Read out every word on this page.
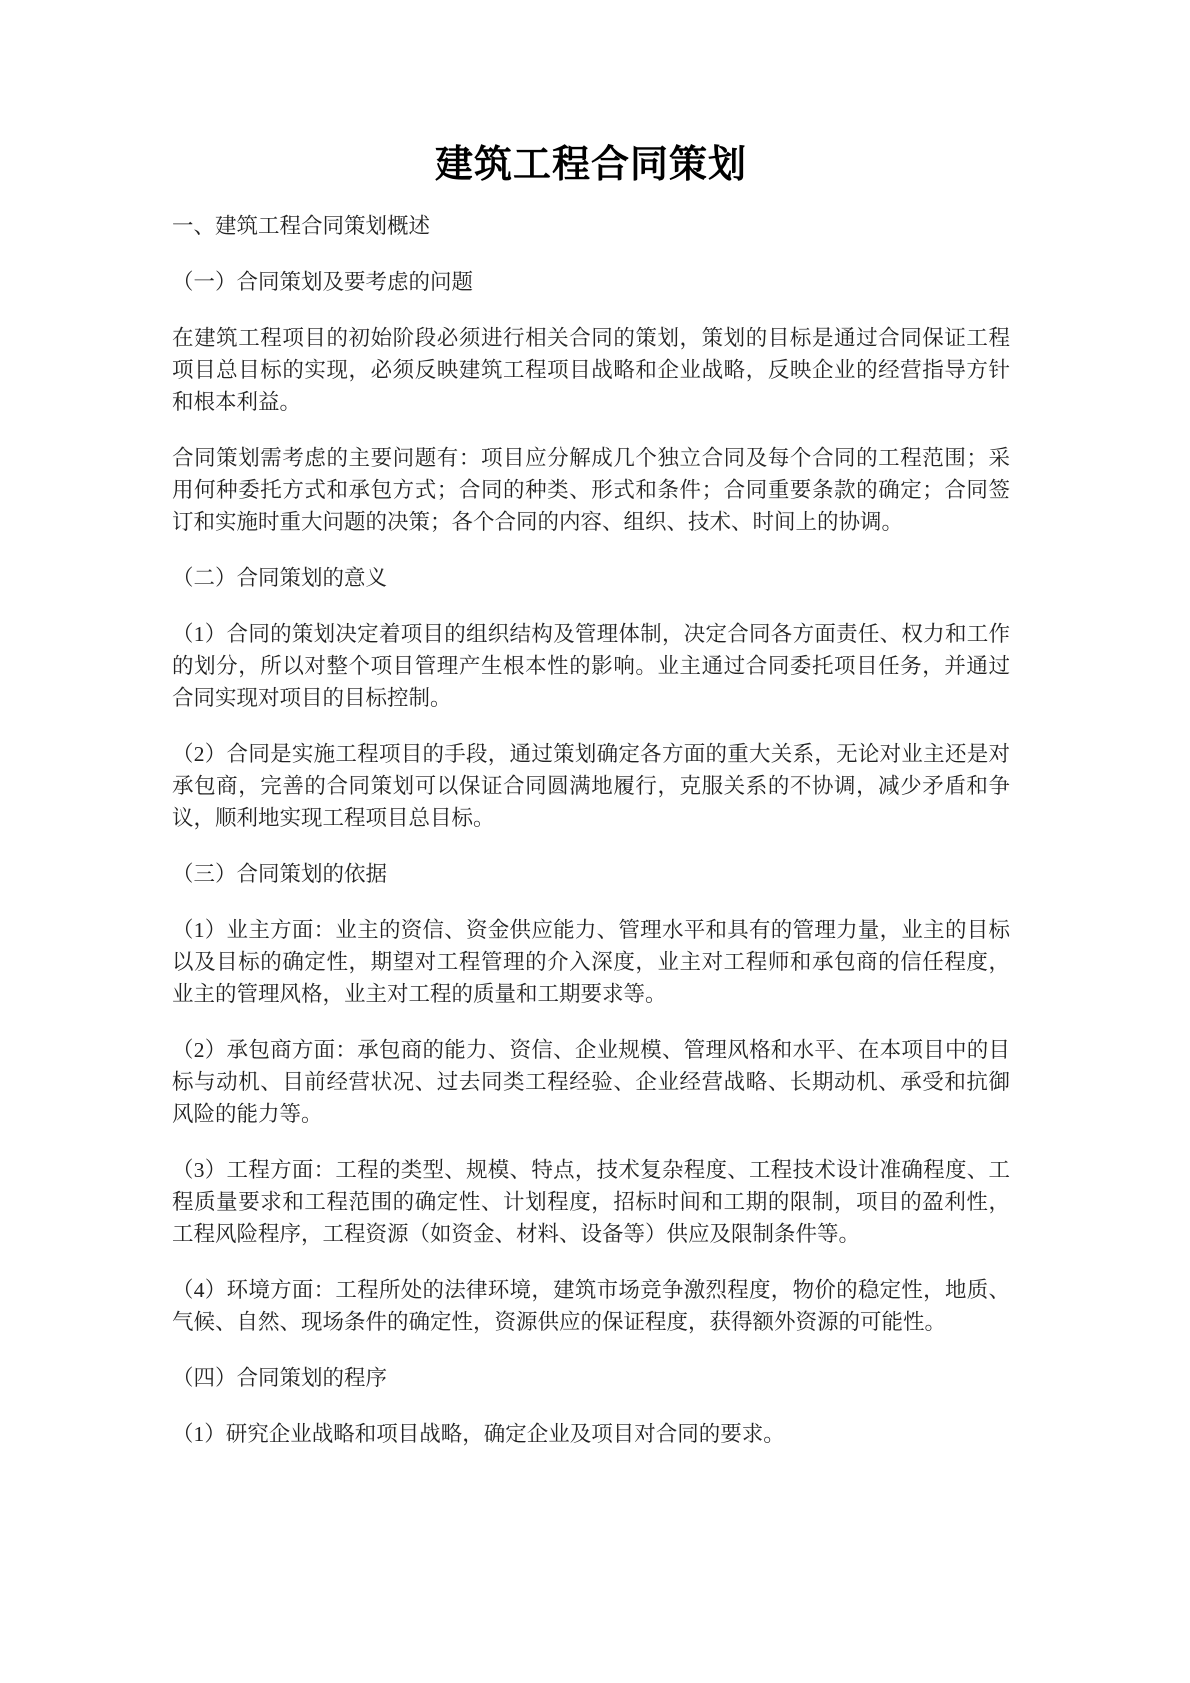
建筑工程合同策划

一、建筑工程合同策划概述

（一）合同策划及要考虑的问题

在建筑工程项目的初始阶段必须进行相关合同的策划，策划的目标是通过合同保证工程项目总目标的实现，必须反映建筑工程项目战略和企业战略，反映企业的经营指导方针和根本利益。

合同策划需考虑的主要问题有：项目应分解成几个独立合同及每个合同的工程范围；采用何种委托方式和承包方式；合同的种类、形式和条件；合同重要条款的确定；合同签订和实施时重大问题的决策；各个合同的内容、组织、技术、时间上的协调。

（二）合同策划的意义

（1）合同的策划决定着项目的组织结构及管理体制，决定合同各方面责任、权力和工作的划分，所以对整个项目管理产生根本性的影响。业主通过合同委托项目任务，并通过合同实现对项目的目标控制。

（2）合同是实施工程项目的手段，通过策划确定各方面的重大关系，无论对业主还是对承包商，完善的合同策划可以保证合同圆满地履行，克服关系的不协调，减少矛盾和争议，顺利地实现工程项目总目标。

（三）合同策划的依据

（1）业主方面：业主的资信、资金供应能力、管理水平和具有的管理力量，业主的目标以及目标的确定性，期望对工程管理的介入深度，业主对工程师和承包商的信任程度，业主的管理风格，业主对工程的质量和工期要求等。

（2）承包商方面：承包商的能力、资信、企业规模、管理风格和水平、在本项目中的目标与动机、目前经营状况、过去同类工程经验、企业经营战略、长期动机、承受和抗御风险的能力等。

（3）工程方面：工程的类型、规模、特点，技术复杂程度、工程技术设计准确程度、工程质量要求和工程范围的确定性、计划程度，招标时间和工期的限制，项目的盈利性，工程风险程序，工程资源（如资金、材料、设备等）供应及限制条件等。

（4）环境方面：工程所处的法律环境，建筑市场竞争激烈程度，物价的稳定性，地质、气候、自然、现场条件的确定性，资源供应的保证程度，获得额外资源的可能性。

（四）合同策划的程序

（1）研究企业战略和项目战略，确定企业及项目对合同的要求。
